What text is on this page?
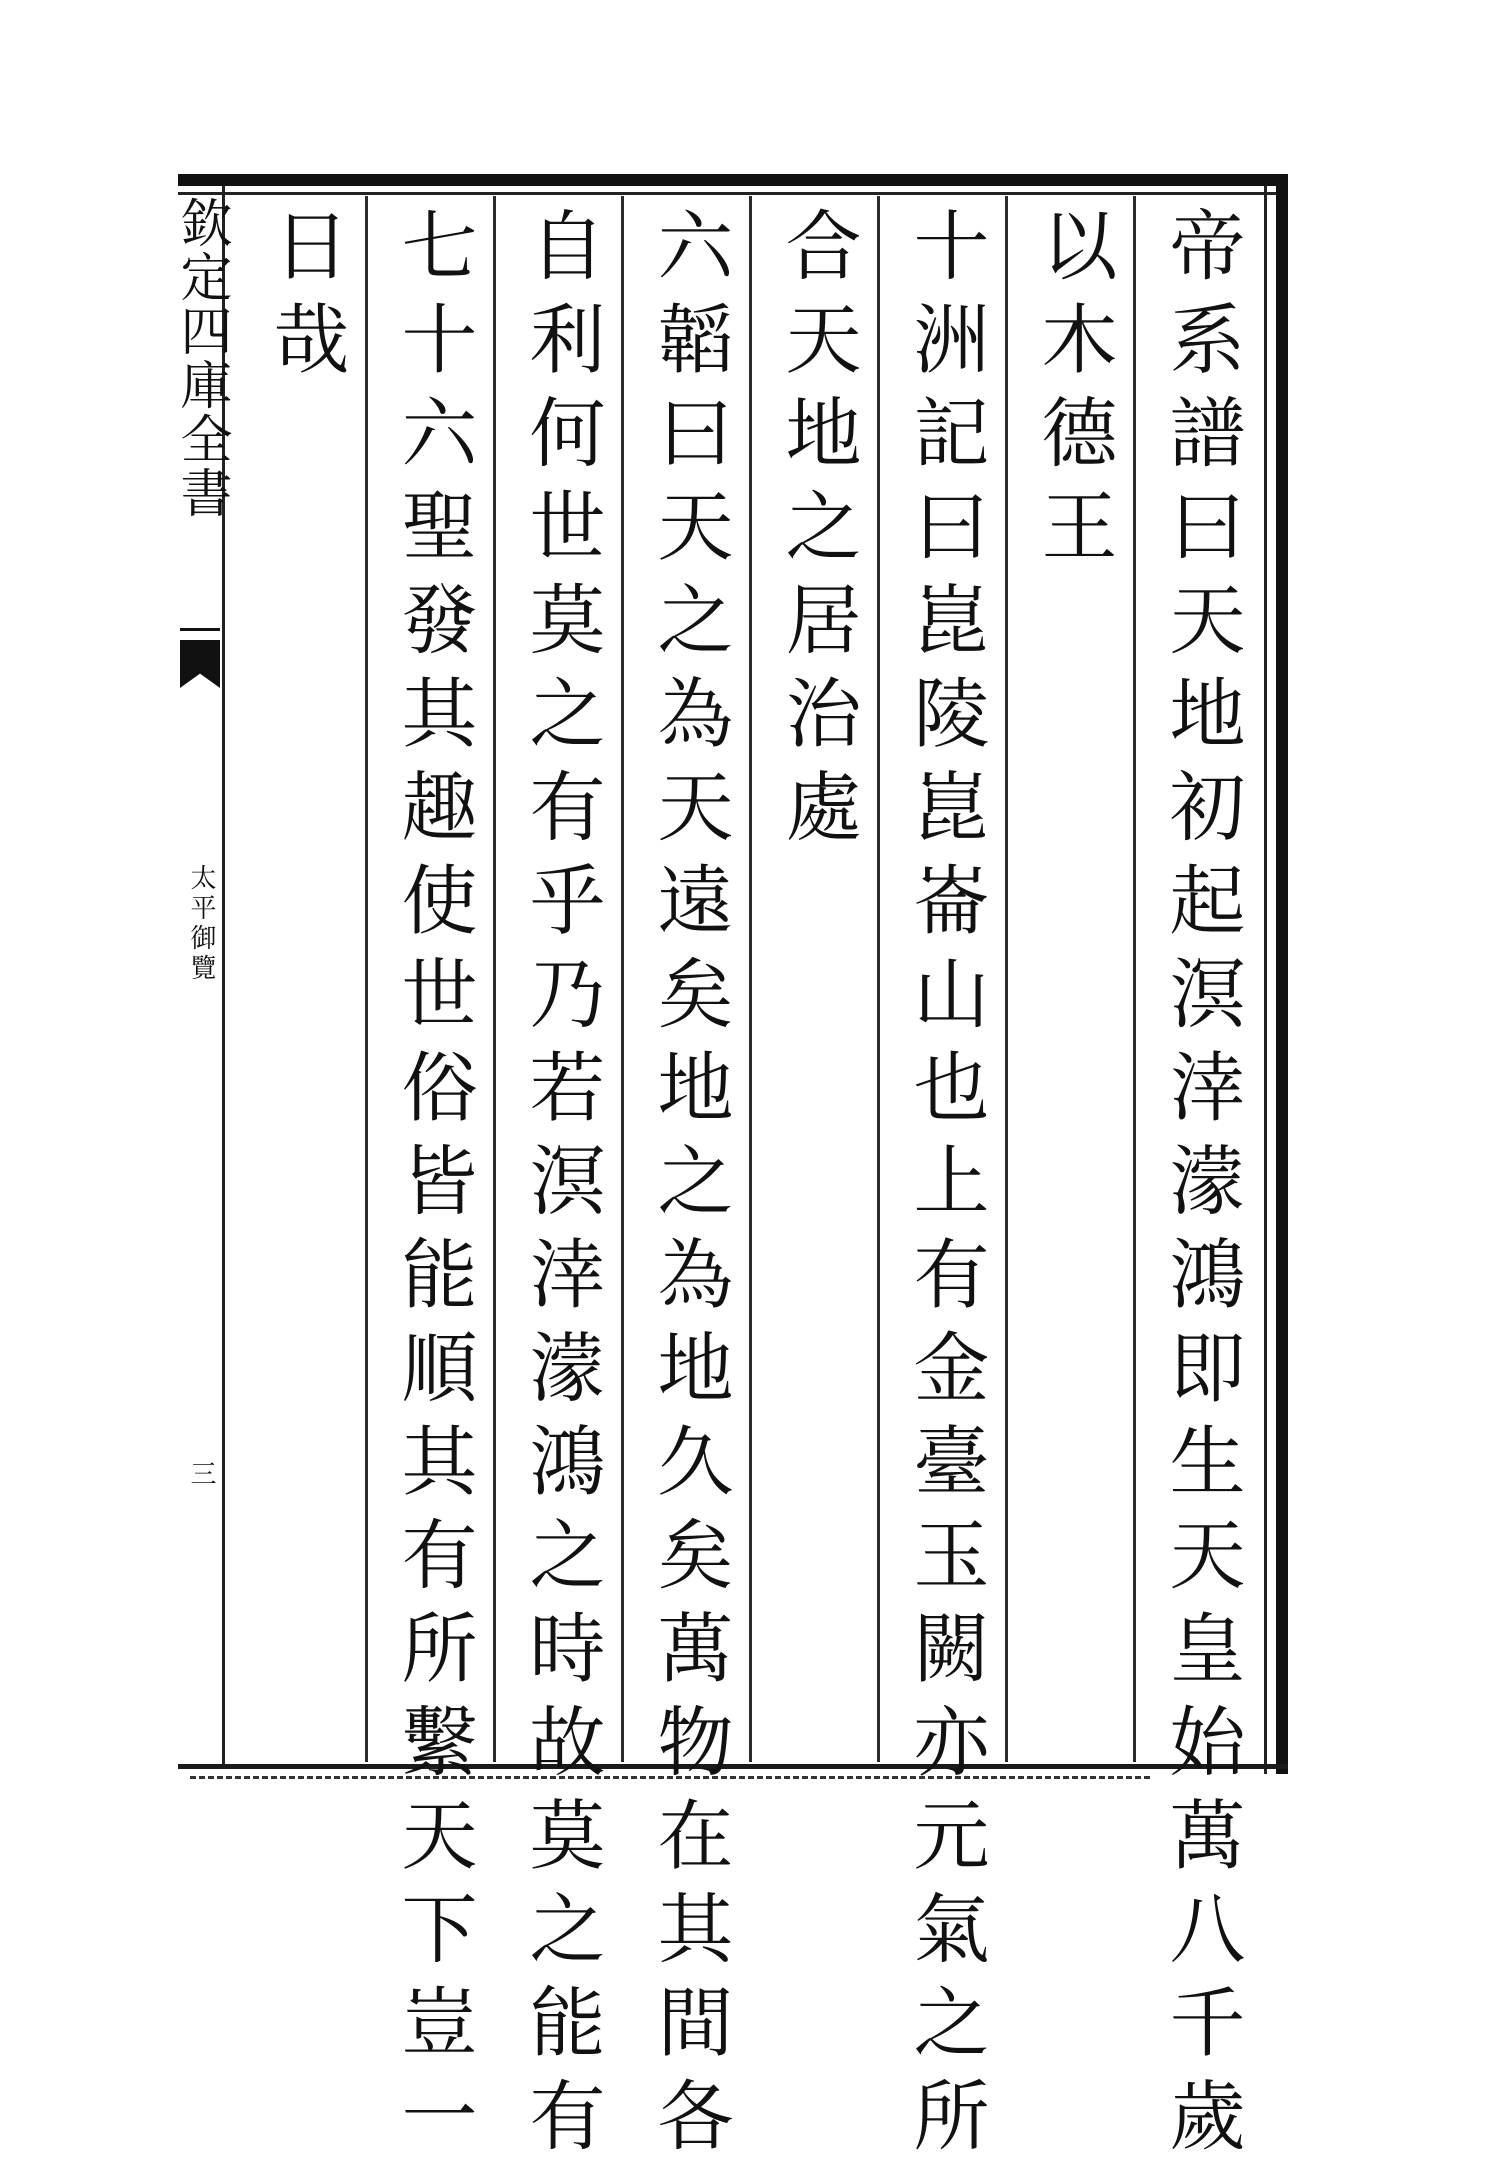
欽定四庫全書
太平御覽
三	帝系譜曰天地初起溟涬濛鴻即生天皇始萬八千歲

以木德王

十洲記曰崑陵崑崙山也上有金臺玉闕亦元氣之所

合天地之居治處

六韜曰天之為天遠矣地之為地久矣萬物在其間各

自利何世莫之有乎乃若溟涬濛鴻之時故莫之能有

七十六聖發其趣使世俗皆能順其有所繫天下豈一

日哉
